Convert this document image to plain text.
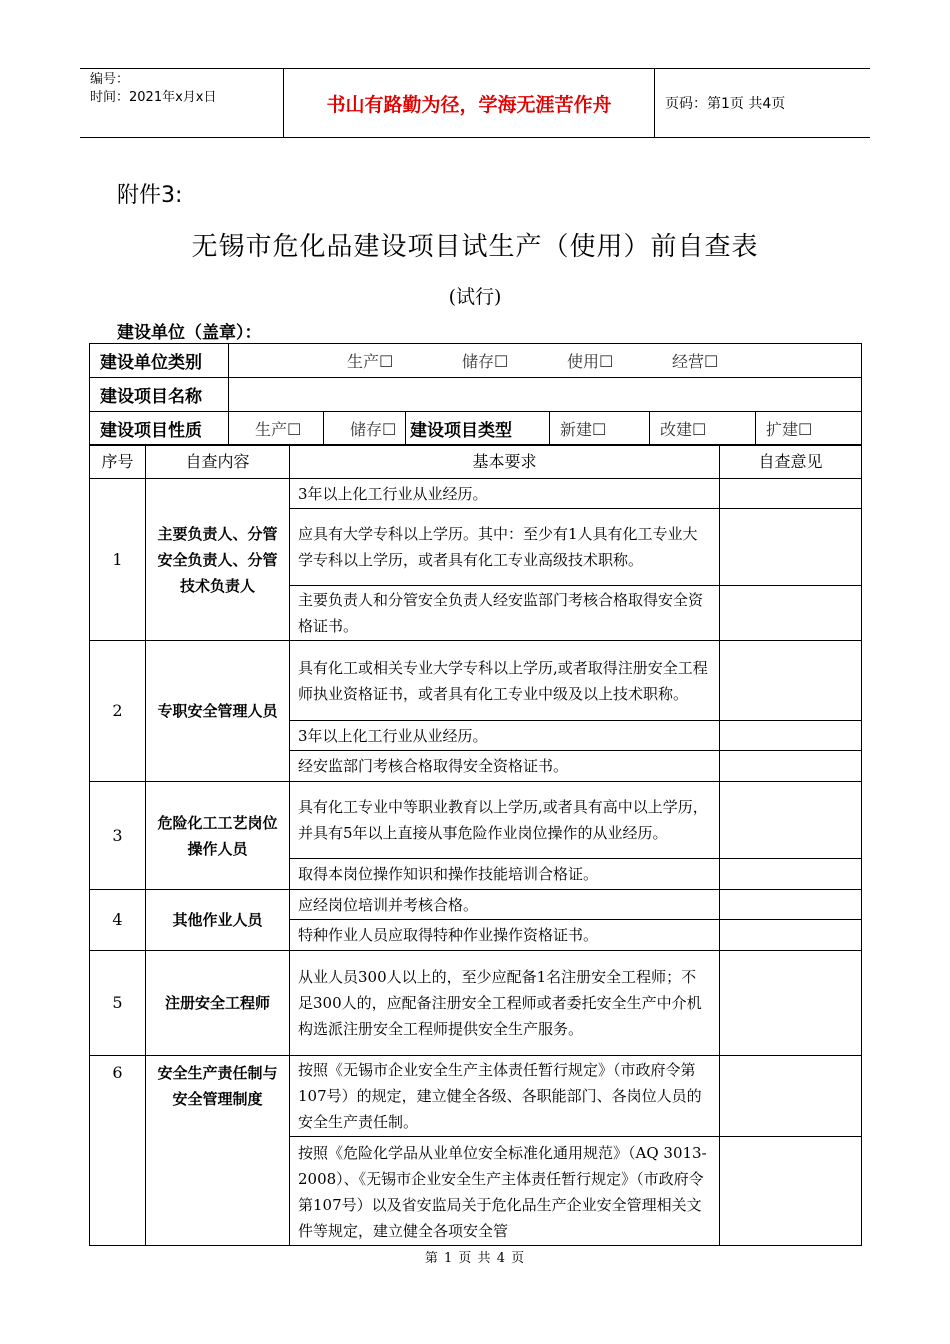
编号：
时间：2021年x月x日	书山有路勤为径，学海无涯苦作舟	页码：第1页 共4页
附件3:
无锡市危化品建设项目试生产（使用）前自查表
(试行)
建设单位（盖章）：
建设单位类别	生产☐ 储存☐ 使用☐ 经营☐					
建设项目名称						
建设项目性质	生产☐	储存☐	建设项目类型	新建☐	改建☐	扩建☐
序号	自查内容	基本要求	自查意见
1	主要负责人、分管安全负责人、分管技术负责人	3年以上化工行业从业经历。	
		应具有大学专科以上学历。其中：至少有1人具有化工专业大学专科以上学历，或者具有化工专业高级技术职称。	
		主要负责人和分管安全负责人经安监部门考核合格取得安全资格证书。	
2	专职安全管理人员	具有化工或相关专业大学专科以上学历,或者取得注册安全工程师执业资格证书，或者具有化工专业中级及以上技术职称。	
		3年以上化工行业从业经历。	
		经安监部门考核合格取得安全资格证书。	
3	危险化工工艺岗位操作人员	具有化工专业中等职业教育以上学历,或者具有高中以上学历，并具有5年以上直接从事危险作业岗位操作的从业经历。	
		取得本岗位操作知识和操作技能培训合格证。	
4	其他作业人员	应经岗位培训并考核合格。	
		特种作业人员应取得特种作业操作资格证书。	
5	注册安全工程师	从业人员300人以上的，至少应配备1名注册安全工程师；不足300人的，应配备注册安全工程师或者委托安全生产中介机构选派注册安全工程师提供安全生产服务。	
6	安全生产责任制与安全管理制度	按照《无锡市企业安全生产主体责任暂行规定》（市政府令第107号）的规定，建立健全各级、各职能部门、各岗位人员的安全生产责任制。	
		按照《危险化学品从业单位安全标准化通用规范》（AQ 3013-2008）、《无锡市企业安全生产主体责任暂行规定》（市政府令第107号）以及省安监局关于危化品生产企业安全管理相关文件等规定，建立健全各项安全管	
第 1 页 共 4 页
